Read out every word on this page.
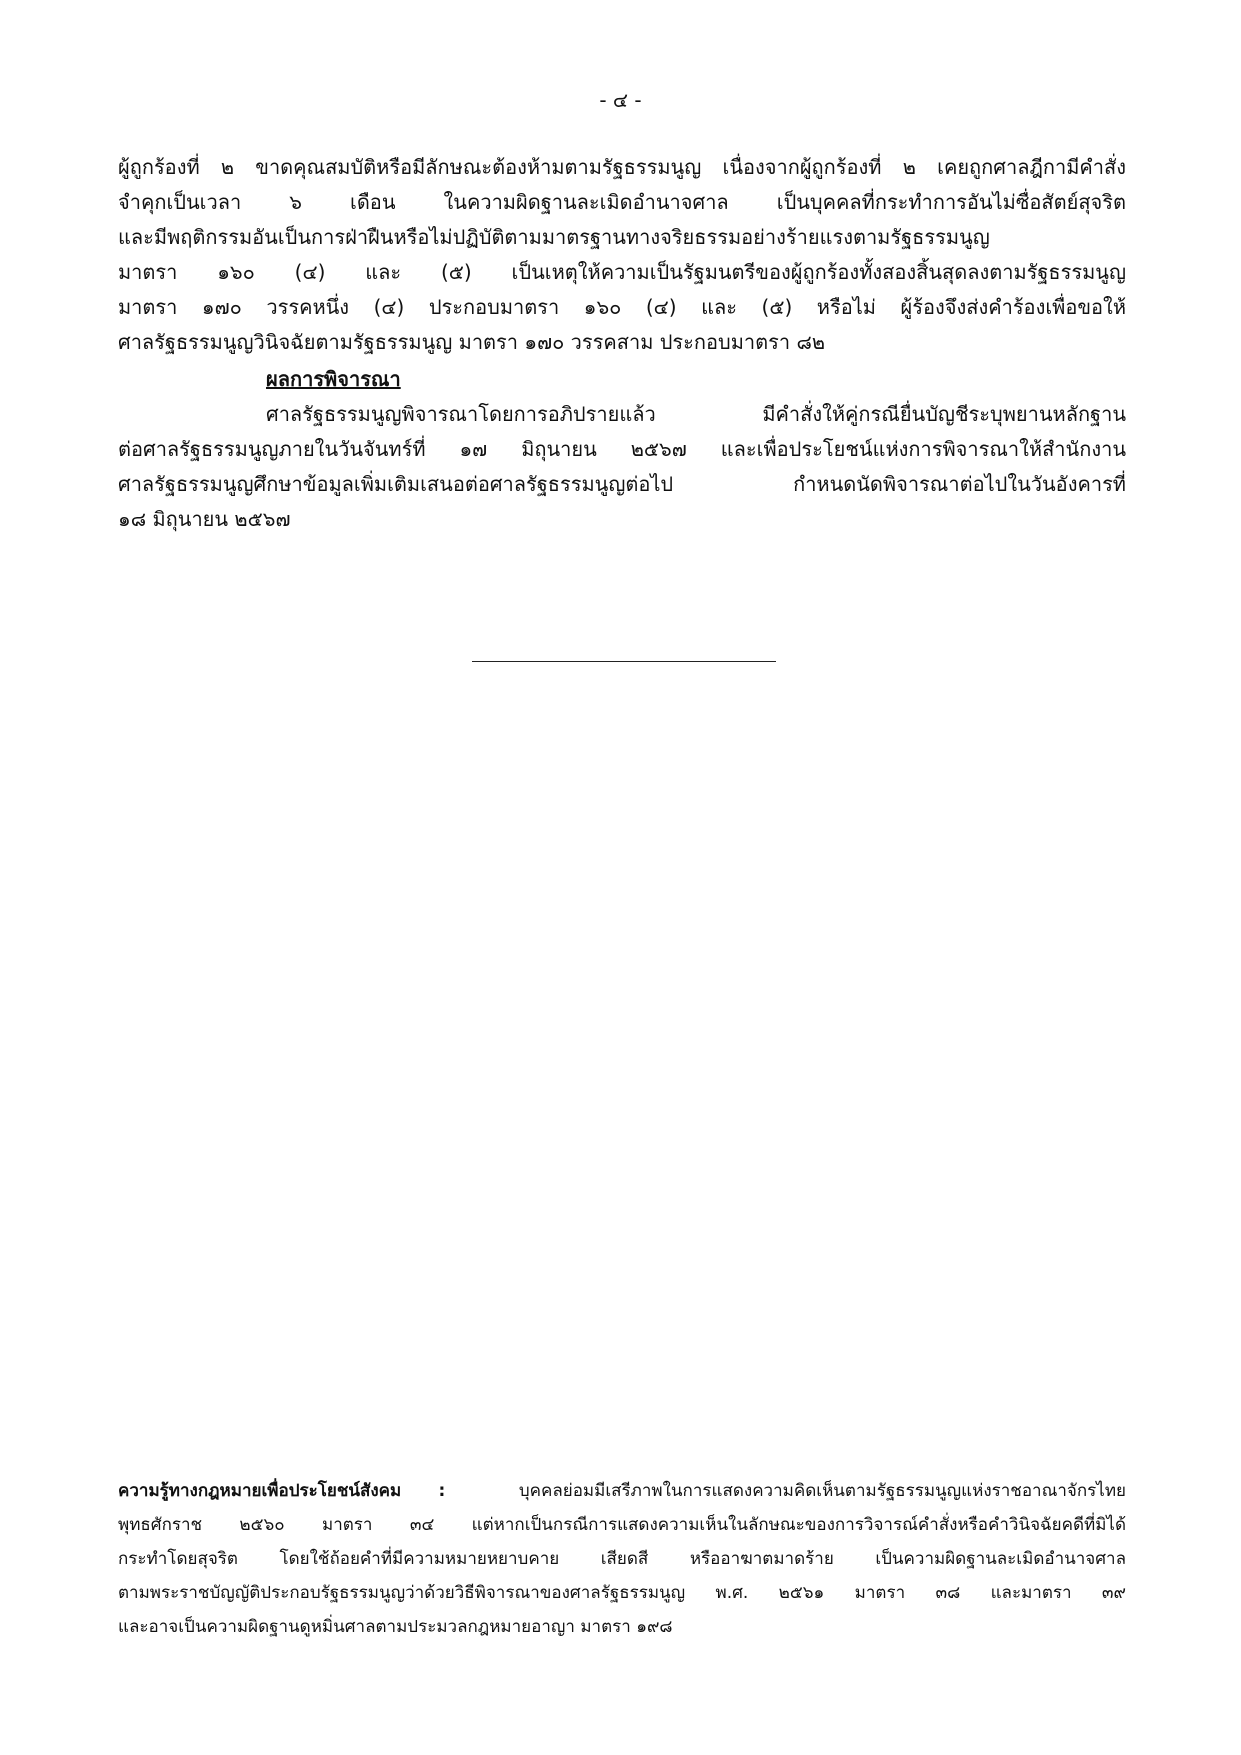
- ๔ -
ผู้ถูกร้องที่ ๒ ขาดคุณสมบัติหรือมีลักษณะต้องห้ามตามรัฐธรรมนูญ เนื่องจากผู้ถูกร้องที่ ๒ เคยถูกศาลฎีกามีคำสั่ง
จำคุกเป็นเวลา ๖ เดือน ในความผิดฐานละเมิดอำนาจศาล เป็นบุคคลที่กระทำการอันไม่ซื่อสัตย์สุจริต
และมีพฤติกรรมอันเป็นการฝ่าฝืนหรือไม่ปฏิบัติตามมาตรฐานทางจริยธรรมอย่างร้ายแรงตามรัฐธรรมนูญ
มาตรา ๑๖๐ (๔) และ (๕) เป็นเหตุให้ความเป็นรัฐมนตรีของผู้ถูกร้องทั้งสองสิ้นสุดลงตามรัฐธรรมนูญ
มาตรา ๑๗๐ วรรคหนึ่ง (๔) ประกอบมาตรา ๑๖๐ (๔) และ (๕) หรือไม่ ผู้ร้องจึงส่งคำร้องเพื่อขอให้
ศาลรัฐธรรมนูญวินิจฉัยตามรัฐธรรมนูญ มาตรา ๑๗๐ วรรคสาม ประกอบมาตรา ๘๒
ผลการพิจารณา
ศาลรัฐธรรมนูญพิจารณาโดยการอภิปรายแล้ว มีคำสั่งให้คู่กรณียื่นบัญชีระบุพยานหลักฐาน
ต่อศาลรัฐธรรมนูญภายในวันจันทร์ที่ ๑๗ มิถุนายน ๒๕๖๗ และเพื่อประโยชน์แห่งการพิจารณาให้สำนักงาน
ศาลรัฐธรรมนูญศึกษาข้อมูลเพิ่มเติมเสนอต่อศาลรัฐธรรมนูญต่อไป กำหนดนัดพิจารณาต่อไปในวันอังคารที่
๑๘ มิถุนายน ๒๕๖๗
ความรู้ทางกฎหมายเพื่อประโยชน์สังคม :	บุคคลย่อมมีเสรีภาพในการแสดงความคิดเห็นตามรัฐธรรมนูญแห่งราชอาณาจักรไทย
พุทธศักราช ๒๕๖๐ มาตรา ๓๔ แต่หากเป็นกรณีการแสดงความเห็นในลักษณะของการวิจารณ์คำสั่งหรือคำวินิจฉัยคดีที่มิได้
กระทำโดยสุจริต โดยใช้ถ้อยคำที่มีความหมายหยาบคาย เสียดสี หรืออาฆาตมาดร้าย เป็นความผิดฐานละเมิดอำนาจศาล
ตามพระราชบัญญัติประกอบรัฐธรรมนูญว่าด้วยวิธีพิจารณาของศาลรัฐธรรมนูญ พ.ศ. ๒๕๖๑ มาตรา ๓๘ และมาตรา ๓๙
และอาจเป็นความผิดฐานดูหมิ่นศาลตามประมวลกฎหมายอาญา มาตรา ๑๙๘
